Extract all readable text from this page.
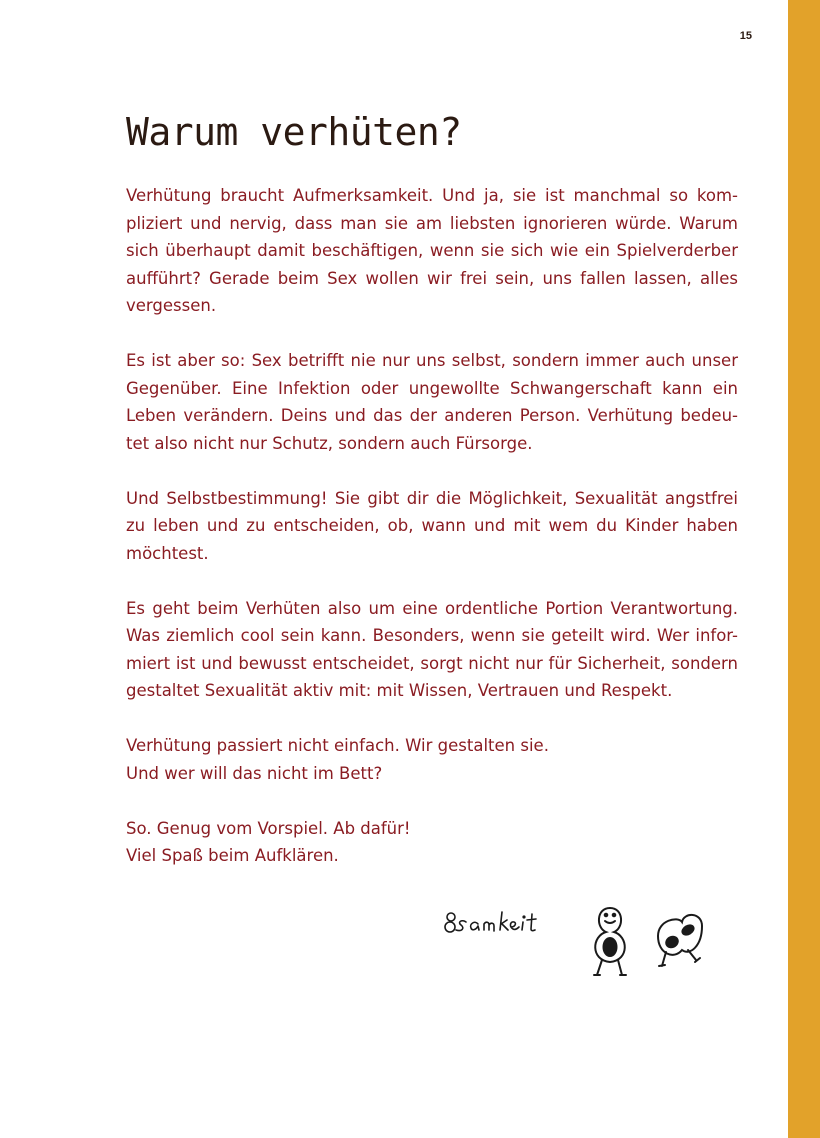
15
Warum verhüten?

Verhütung braucht Aufmerksamkeit. Und ja, sie ist manchmal so kom-
pliziert und nervig, dass man sie am liebsten ignorieren würde. Warum
sich überhaupt damit beschäftigen, wenn sie sich wie ein Spielverderber
aufführt? Gerade beim Sex wollen wir frei sein, uns fallen lassen, alles
vergessen.

Es ist aber so: Sex betrifft nie nur uns selbst, sondern immer auch unser
Gegenüber. Eine Infektion oder ungewollte Schwangerschaft kann ein
Leben verändern. Deins und das der anderen Person. Verhütung bedeu-
tet also nicht nur Schutz, sondern auch Fürsorge.

Und Selbstbestimmung! Sie gibt dir die Möglichkeit, Sexualität angstfrei
zu leben und zu entscheiden, ob, wann und mit wem du Kinder haben
möchtest.

Es geht beim Verhüten also um eine ordentliche Portion Verantwortung.
Was ziemlich cool sein kann. Besonders, wenn sie geteilt wird. Wer infor-
miert ist und bewusst entscheidet, sorgt nicht nur für Sicherheit, sondern
gestaltet Sexualität aktiv mit: mit Wissen, Vertrauen und Respekt.

Verhütung passiert nicht einfach. Wir gestalten sie.
Und wer will das nicht im Bett?

So. Genug vom Vorspiel. Ab dafür!
Viel Spaß beim Aufklären.
